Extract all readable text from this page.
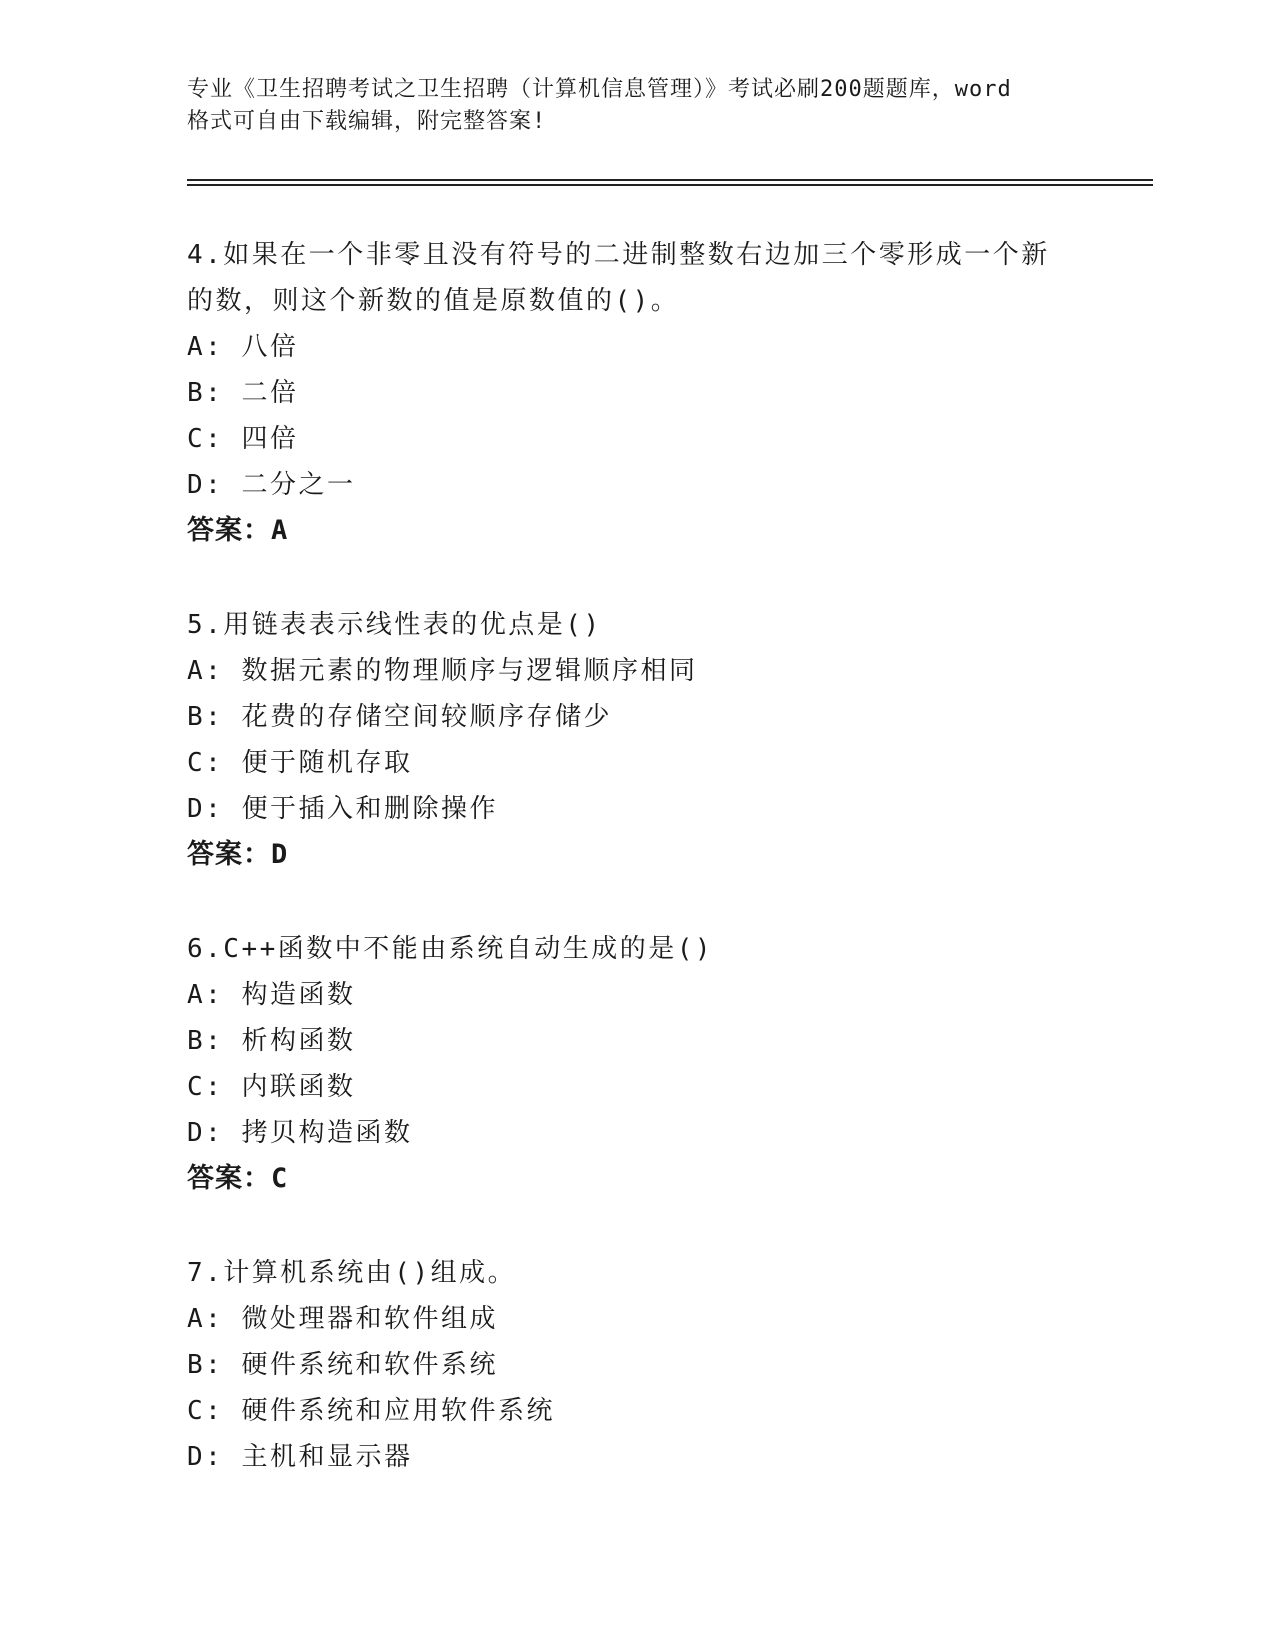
专业《卫生招聘考试之卫生招聘（计算机信息管理）》考试必刷200题题库，word
格式可自由下载编辑，附完整答案!

4.如果在一个非零且没有符号的二进制整数右边加三个零形成一个新

的数，则这个新数的值是原数值的()。

A: 八倍

B: 二倍

C: 四倍

D: 二分之一

答案：A

5.用链表表示线性表的优点是()

A: 数据元素的物理顺序与逻辑顺序相同

B: 花费的存储空间较顺序存储少

C: 便于随机存取

D: 便于插入和删除操作

答案：D

6.C++函数中不能由系统自动生成的是()

A: 构造函数

B: 析构函数

C: 内联函数

D: 拷贝构造函数

答案：C

7.计算机系统由()组成。

A: 微处理器和软件组成

B: 硬件系统和软件系统

C: 硬件系统和应用软件系统

D: 主机和显示器
